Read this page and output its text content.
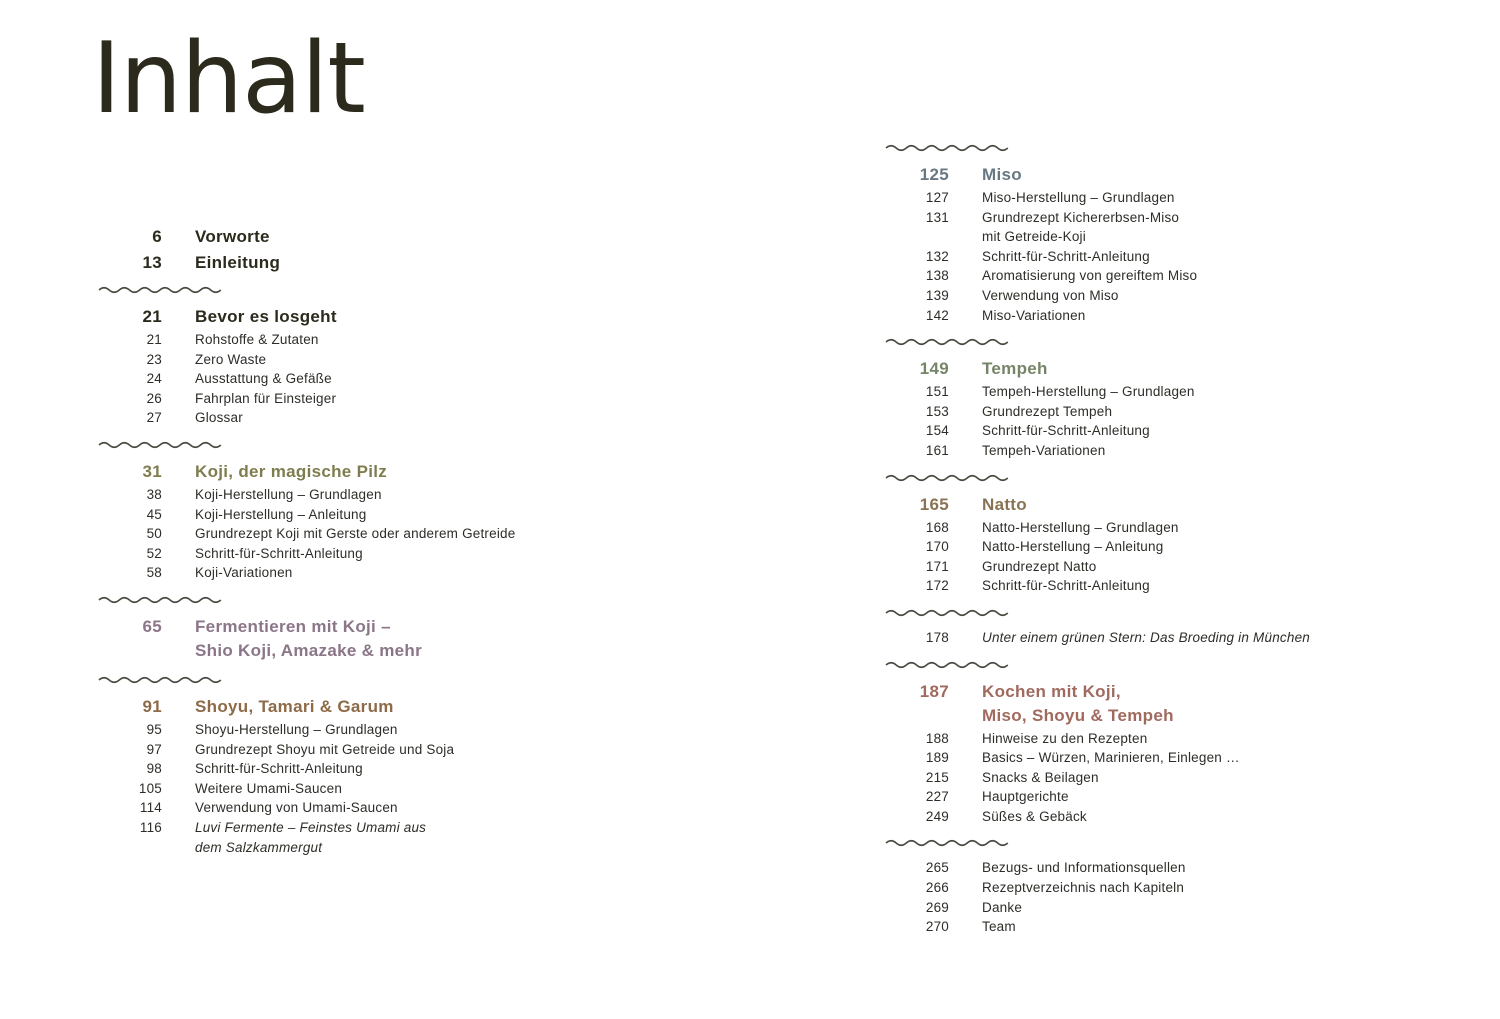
Inhalt
6 Vorworte
13 Einleitung
21 Bevor es losgeht
21 Rohstoffe & Zutaten
23 Zero Waste
24 Ausstattung & Gefäße
26 Fahrplan für Einsteiger
27 Glossar
31 Koji, der magische Pilz
38 Koji-Herstellung – Grundlagen
45 Koji-Herstellung – Anleitung
50 Grundrezept Koji mit Gerste oder anderem Getreide
52 Schritt-für-Schritt-Anleitung
58 Koji-Variationen
65 Fermentieren mit Koji –
Shio Koji, Amazake & mehr
91 Shoyu, Tamari & Garum
95 Shoyu-Herstellung – Grundlagen
97 Grundrezept Shoyu mit Getreide und Soja
98 Schritt-für-Schritt-Anleitung
105 Weitere Umami-Saucen
114 Verwendung von Umami-Saucen
116 Luvi Fermente – Feinstes Umami aus
dem Salzkammergut
125 Miso
127 Miso-Herstellung – Grundlagen
131 Grundrezept Kichererbsen-Miso
mit Getreide-Koji
132 Schritt-für-Schritt-Anleitung
138 Aromatisierung von gereiftem Miso
139 Verwendung von Miso
142 Miso-Variationen
149 Tempeh
151 Tempeh-Herstellung – Grundlagen
153 Grundrezept Tempeh
154 Schritt-für-Schritt-Anleitung
161 Tempeh-Variationen
165 Natto
168 Natto-Herstellung – Grundlagen
170 Natto-Herstellung – Anleitung
171 Grundrezept Natto
172 Schritt-für-Schritt-Anleitung
178 Unter einem grünen Stern: Das Broeding in München
187 Kochen mit Koji,
Miso, Shoyu & Tempeh
188 Hinweise zu den Rezepten
189 Basics – Würzen, Marinieren, Einlegen …
215 Snacks & Beilagen
227 Hauptgerichte
249 Süßes & Gebäck
265 Bezugs- und Informationsquellen
266 Rezeptverzeichnis nach Kapiteln
269 Danke
270 Team
